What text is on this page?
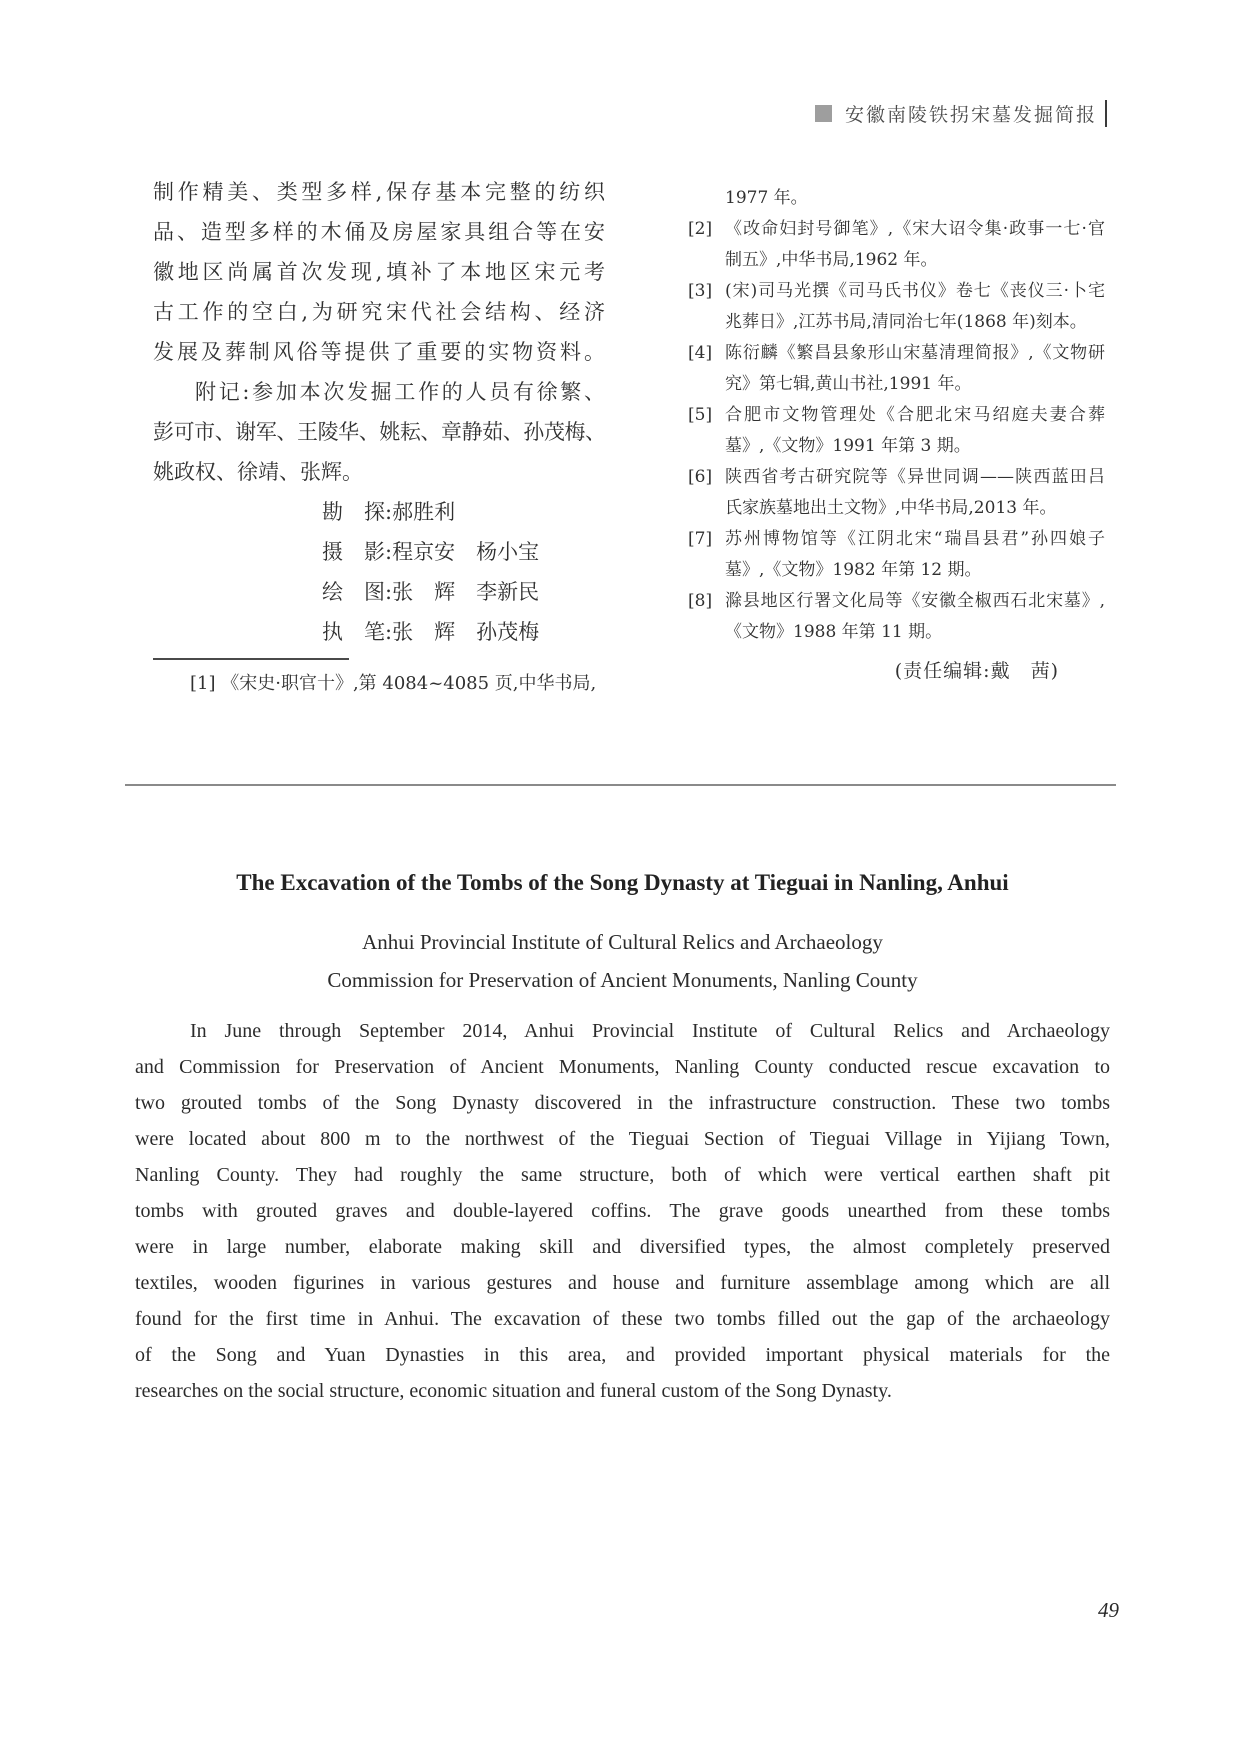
安徽南陵铁拐宋墓发掘简报
制作精美、类型多样,保存基本完整的纺织
品、造型多样的木俑及房屋家具组合等在安
徽地区尚属首次发现,填补了本地区宋元考
古工作的空白,为研究宋代社会结构、经济
发展及葬制风俗等提供了重要的实物资料。
附记:参加本次发掘工作的人员有徐繁、
彭可市、谢军、王陵华、姚耘、章静茹、孙茂梅、
姚政权、徐靖、张辉。
勘　探:郝胜利
摄　影:程京安　杨小宝
绘　图:张　辉　李新民
执　笔:张　辉　孙茂梅
[1] 《宋史·职官十》,第 4084~4085 页,中华书局,
1977 年。
[2] 《改命妇封号御笔》,《宋大诏令集·政事一七·官
制五》,中华书局,1962 年。
[3] (宋)司马光撰《司马氏书仪》卷七《丧仪三·卜宅
兆葬日》,江苏书局,清同治七年(1868 年)刻本。
[4] 陈衍麟《繁昌县象形山宋墓清理简报》,《文物研
究》第七辑,黄山书社,1991 年。
[5] 合肥市文物管理处《合肥北宋马绍庭夫妻合葬
墓》,《文物》1991 年第 3 期。
[6] 陕西省考古研究院等《异世同调——陕西蓝田吕
氏家族墓地出土文物》,中华书局,2013 年。
[7] 苏州博物馆等《江阴北宋“瑞昌县君”孙四娘子
墓》,《文物》1982 年第 12 期。
[8] 滁县地区行署文化局等《安徽全椒西石北宋墓》,
《文物》1988 年第 11 期。
(责任编辑:戴　茜)
The Excavation of the Tombs of the Song Dynasty at Tieguai in Nanling, Anhui
Anhui Provincial Institute of Cultural Relics and Archaeology
Commission for Preservation of Ancient Monuments, Nanling County
In June through September 2014, Anhui Provincial Institute of Cultural Relics and Archaeology
and Commission for Preservation of Ancient Monuments, Nanling County conducted rescue excavation to
two grouted tombs of the Song Dynasty discovered in the infrastructure construction. These two tombs
were located about 800 m to the northwest of the Tieguai Section of Tieguai Village in Yijiang Town,
Nanling County. They had roughly the same structure, both of which were vertical earthen shaft pit
tombs with grouted graves and double-layered coffins. The grave goods unearthed from these tombs
were in large number, elaborate making skill and diversified types, the almost completely preserved
textiles, wooden figurines in various gestures and house and furniture assemblage among which are all
found for the first time in Anhui. The excavation of these two tombs filled out the gap of the archaeology
of the Song and Yuan Dynasties in this area, and provided important physical materials for the
researches on the social structure, economic situation and funeral custom of the Song Dynasty.
49
